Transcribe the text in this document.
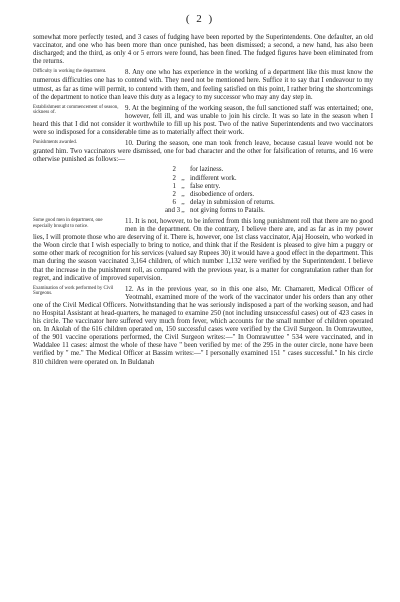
( 2 )

somewhat more perfectly tested, and 3 cases of fudging have been reported by the Superintendents. One defaulter, an old vaccinator, and one who has been more than once punished, has been dismissed; a second, a new hand, has also been discharged; and the third, as only 4 or 5 errors were found, has been fined. The fudged figures have been eliminated from the returns.

Difficulty in working the department.	8. Any one who has experience in the working of a department like this must know the numerous difficulties one has to contend with. They need not be mentioned here. Suffice it to say that I endeavour to my utmost, as far as time will permit, to contend with them, and feeling satisfied on this point, I rather bring the shortcomings of the department to notice than leave this duty as a legacy to my successor who may any day step in.
Establishment at commencement of season, sickness of.
9. At the beginning of the working season, the full sanctioned staff was entertained; one, however, fell ill, and was unable to join his circle. It was so late in the season when I heard this that I did not consider it worthwhile to fill up his post. Two of the native Superintendents and two vaccinators were so indisposed for a considerable time as to materially affect their work.
Punishments awarded.	10. During the season, one man took french leave, because casual leave would not be granted him. Two vaccinators were dismissed, one for bad character and the other for falsification of returns, and 16 were otherwise punished as follows:—
2 for laziness.
2 ,, indifferent work.
1 ,, false entry.
2 ,, disobedience of orders.
6 ,, delay in submission of returns.
and 3 ,, not giving forms to Patails.
Some good men in department, one especially brought to notice.
11. It is not, however, to be inferred from this long punishment roll that there are no good men in the department. On the contrary, I believe there are, and as far as in my power lies, I will promote those who are deserving of it. There is, however, one 1st class vaccinator, Ajaj Hoosein, who worked in the Woon circle that I wish especially to bring to notice, and think that if the Resident is pleased to give him a puggry or some other mark of recognition for his services (valued say Rupees 30) it would have a good effect in the department. This man during the season vaccinated 3,164 children, of which number 1,132 were verified by the Superintendent. I believe that the increase in the punishment roll, as compared with the previous year, is a matter for congratulation rather than for regret, and indicative of improved supervision.
Examination of work performed by Civil Surgeons.
12. As in the previous year, so in this one also, Mr. Chamarett, Medical Officer of Yeotmahl, examined more of the work of the vaccinator under his orders than any other one of the Civil Medical Officers. Notwithstanding that he was seriously indisposed a part of the working season, and had no Hospital Assistant at head-quarters, he managed to examine 250 (not including unsuccessful cases) out of 423 cases in his circle. The vaccinator here suffered very much from fever, which accounts for the small number of children operated on. In Akolah of the 616 children operated on, 150 successful cases were verified by the Civil Surgeon. In Oomrawuttee, of the 901 vaccine operations performed, the Civil Surgeon writes:—" In Oomrawuttee " 534 were vaccinated, and in Waddalee 11 cases: almost the whole of these have " been verified by me: of the 295 in the outer circle, none have been verified by " me." The Medical Officer at Bassim writes:—" I personally examined 151 " cases successful." In his circle 810 children were operated on. In Buldanah
